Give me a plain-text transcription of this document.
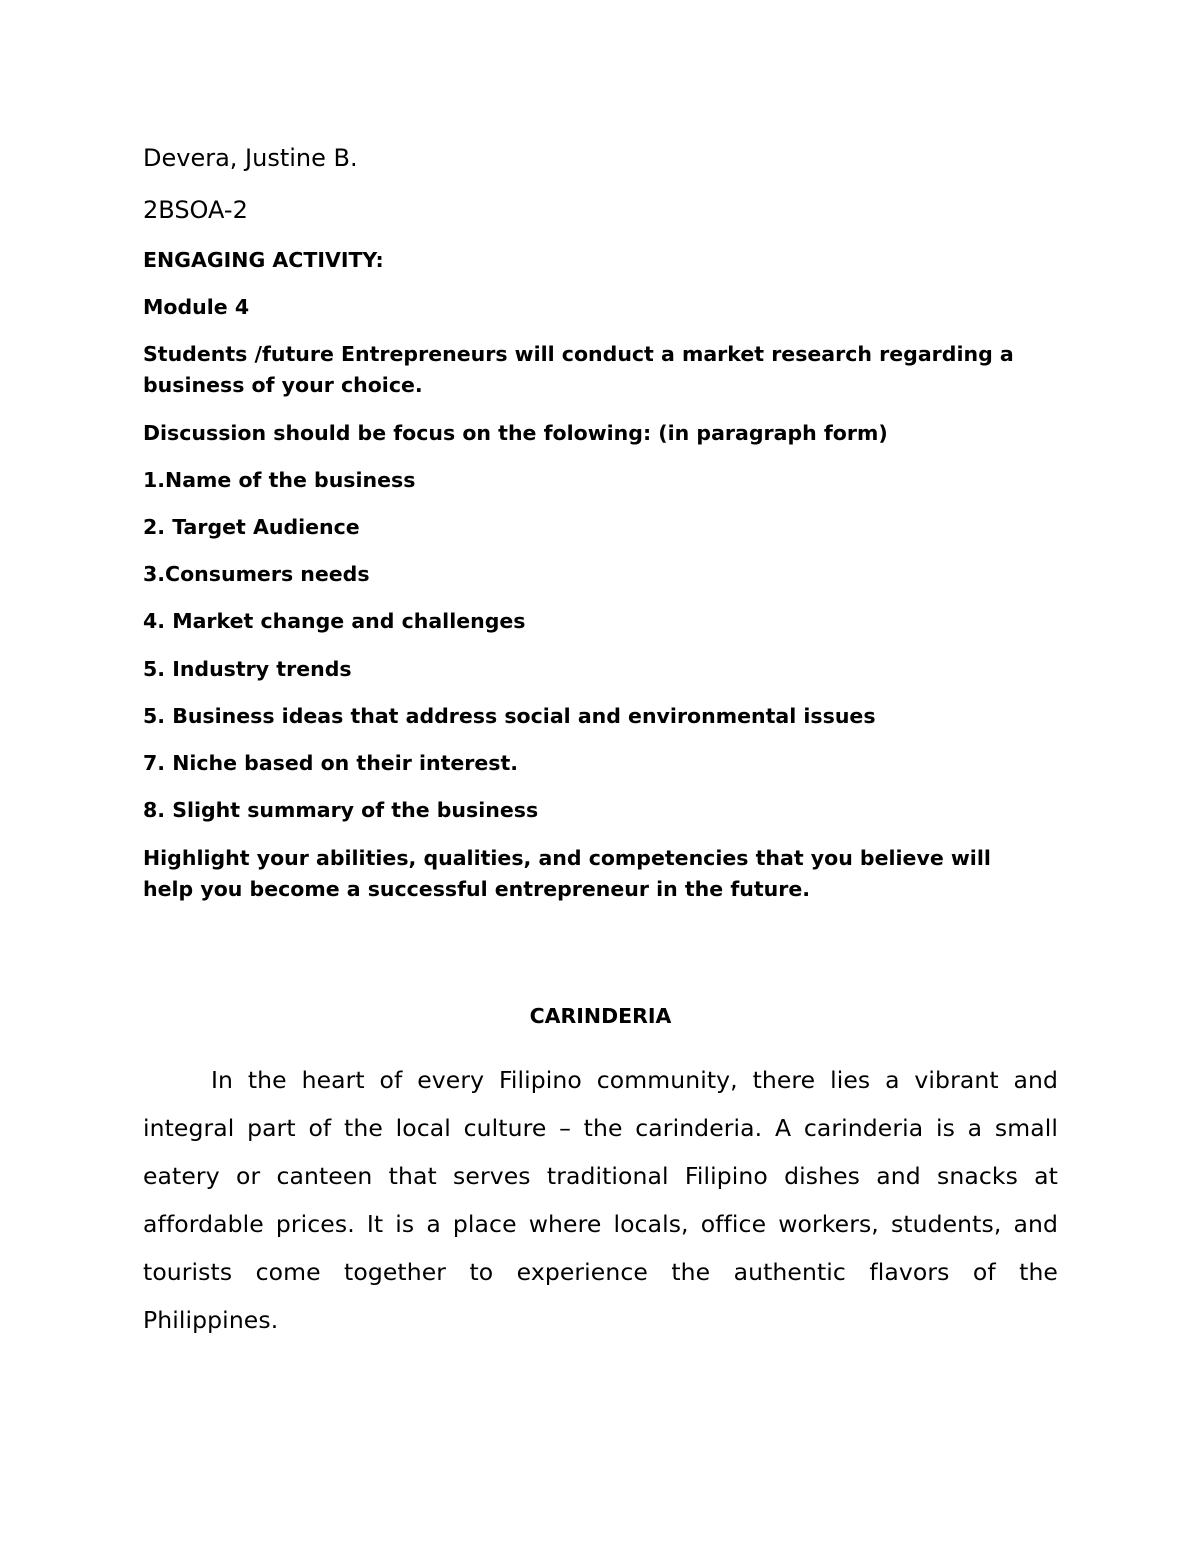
Devera, Justine B.

2BSOA-2

ENGAGING ACTIVITY:

Module 4

Students /future Entrepreneurs will conduct a market research regarding a business of your choice.

Discussion should be focus on the folowing: (in paragraph form)

1.Name of the business

2. Target Audience

3.Consumers needs

4. Market change and challenges

5. Industry trends

5. Business ideas that address social and environmental issues

7. Niche based on their interest.

8. Slight summary of the business

Highlight your abilities, qualities, and competencies that you believe will help you become a successful entrepreneur in the future.

CARINDERIA

In the heart of every Filipino community, there lies a vibrant and integral part of the local culture – the carinderia. A carinderia is a small eatery or canteen that serves traditional Filipino dishes and snacks at affordable prices. It is a place where locals, office workers, students, and tourists come together to experience the authentic flavors of the Philippines.
